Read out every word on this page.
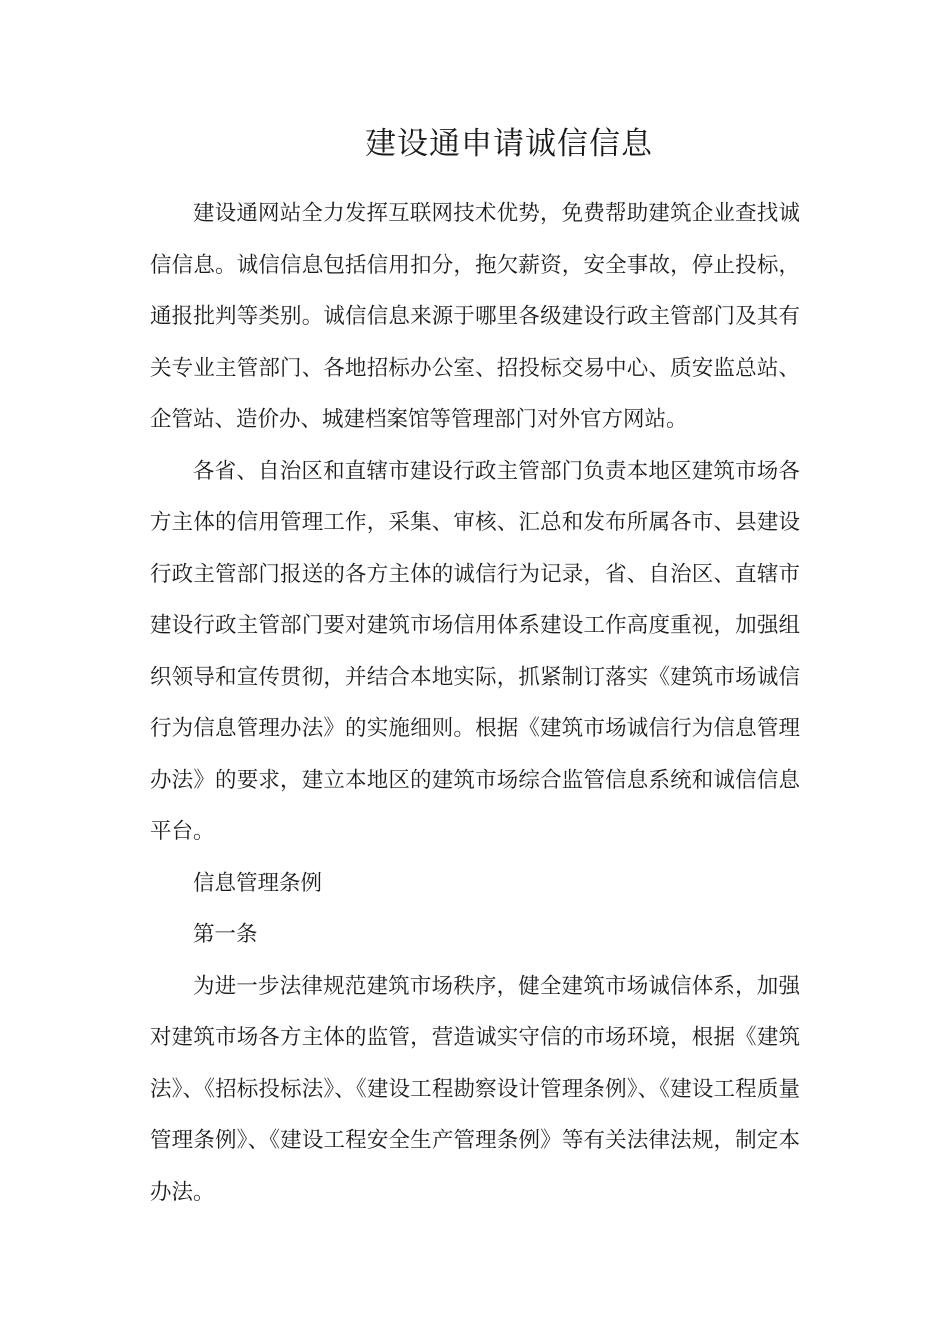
建设通申请诚信信息

建设通网站全力发挥互联网技术优势，免费帮助建筑企业查找诚信信息。诚信信息包括信用扣分，拖欠薪资，安全事故，停止投标，通报批判等类别。诚信信息来源于哪里各级建设行政主管部门及其有关专业主管部门、各地招标办公室、招投标交易中心、质安监总站、企管站、造价办、城建档案馆等管理部门对外官方网站。

各省、自治区和直辖市建设行政主管部门负责本地区建筑市场各方主体的信用管理工作，采集、审核、汇总和发布所属各市、县建设行政主管部门报送的各方主体的诚信行为记录，省、自治区、直辖市建设行政主管部门要对建筑市场信用体系建设工作高度重视，加强组织领导和宣传贯彻，并结合本地实际，抓紧制订落实《建筑市场诚信行为信息管理办法》的实施细则。根据《建筑市场诚信行为信息管理办法》的要求，建立本地区的建筑市场综合监管信息系统和诚信信息平台。

信息管理条例

第一条

为进一步法律规范建筑市场秩序，健全建筑市场诚信体系，加强对建筑市场各方主体的监管，营造诚实守信的市场环境，根据《建筑法》、《招标投标法》、《建设工程勘察设计管理条例》、《建设工程质量管理条例》、《建设工程安全生产管理条例》等有关法律法规，制定本办法。
